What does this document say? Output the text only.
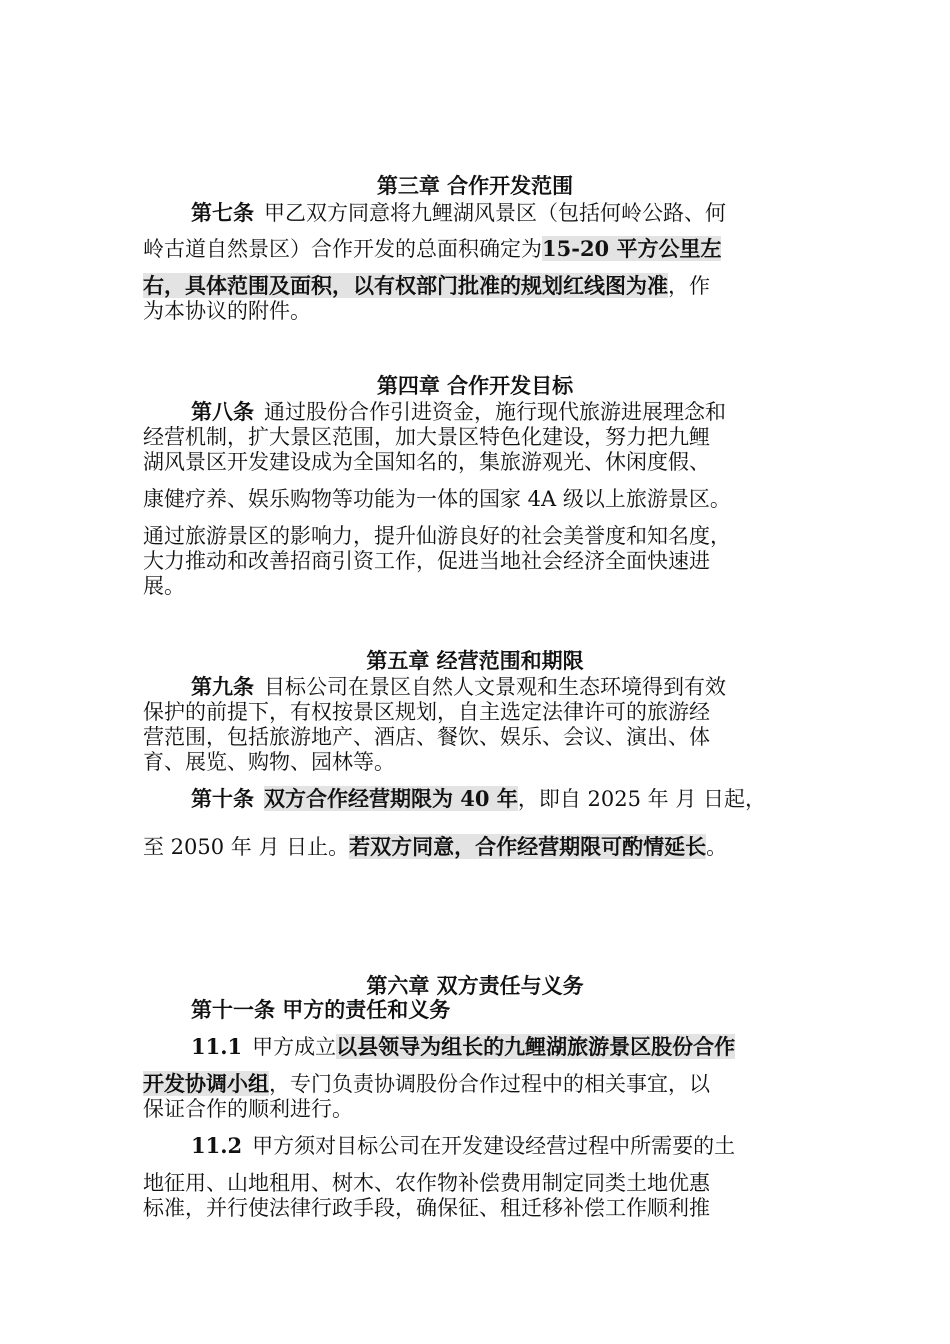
第三章 合作开发范围
第七条 甲乙双方同意将九鲤湖风景区（包括何岭公路、何
岭古道自然景区）合作开发的总面积确定为15-20 平方公里左
右，具体范围及面积，以有权部门批准的规划红线图为准，作
为本协议的附件。
第四章 合作开发目标
第八条 通过股份合作引进资金，施行现代旅游进展理念和
经营机制，扩大景区范围，加大景区特色化建设，努力把九鲤
湖风景区开发建设成为全国知名的，集旅游观光、休闲度假、
康健疗养、娱乐购物等功能为一体的国家 4A 级以上旅游景区。
通过旅游景区的影响力，提升仙游良好的社会美誉度和知名度，
大力推动和改善招商引资工作，促进当地社会经济全面快速进
展。
第五章 经营范围和期限
第九条 目标公司在景区自然人文景观和生态环境得到有效
保护的前提下，有权按景区规划，自主选定法律许可的旅游经
营范围，包括旅游地产、酒店、餐饮、娱乐、会议、演出、体
育、展览、购物、园林等。
第十条 双方合作经营期限为 40 年，即自 2025 年 月 日起，
至 2050 年 月 日止。若双方同意，合作经营期限可酌情延长。
第六章 双方责任与义务
第十一条 甲方的责任和义务
11.1 甲方成立以县领导为组长的九鲤湖旅游景区股份合作
开发协调小组，专门负责协调股份合作过程中的相关事宜，以
保证合作的顺利进行。
11.2 甲方须对目标公司在开发建设经营过程中所需要的土
地征用、山地租用、树木、农作物补偿费用制定同类土地优惠
标准，并行使法律行政手段，确保征、租迁移补偿工作顺利推
